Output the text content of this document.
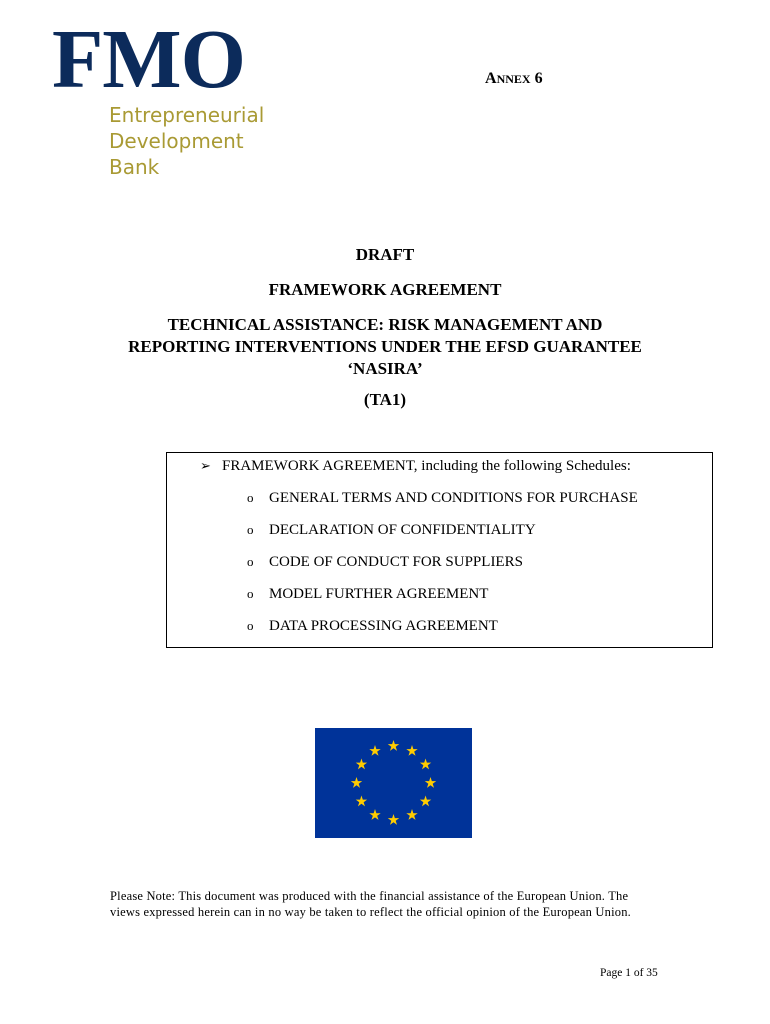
FMO
Entrepreneurial
Development
Bank
ANNEX 6
DRAFT
FRAMEWORK AGREEMENT
TECHNICAL ASSISTANCE: RISK MANAGEMENT AND
REPORTING INTERVENTIONS UNDER THE EFSD GUARANTEE
‘NASIRA’
(TA1)
➢ FRAMEWORK AGREEMENT, including the following Schedules:
o GENERAL TERMS AND CONDITIONS FOR PURCHASE
o DECLARATION OF CONFIDENTIALITY
o CODE OF CONDUCT FOR SUPPLIERS
o MODEL FURTHER AGREEMENT
o DATA PROCESSING AGREEMENT
Please Note: This document was produced with the financial assistance of the European Union. The
views expressed herein can in no way be taken to reflect the official opinion of the European Union.
Page 1 of 35
